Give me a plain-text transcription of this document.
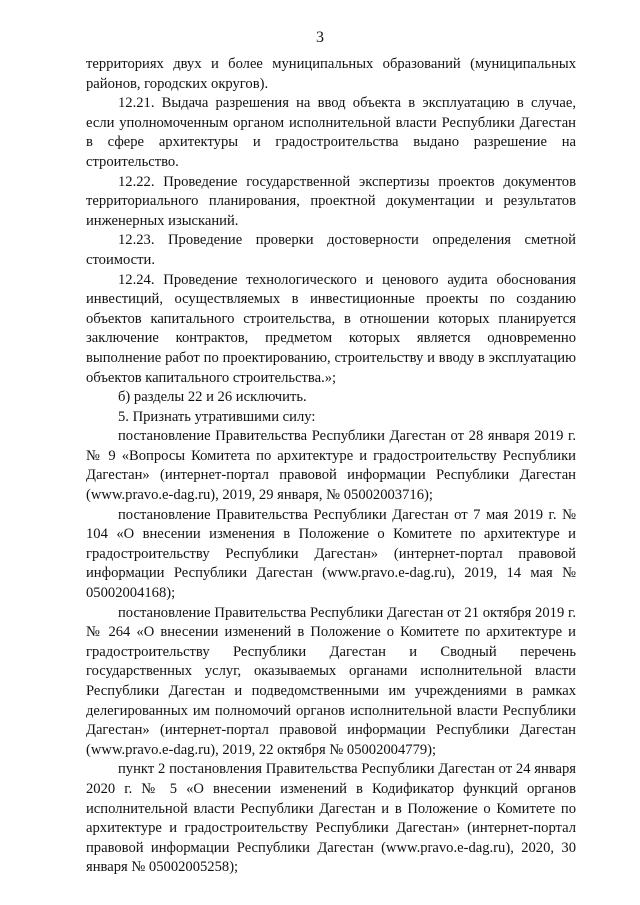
3

территориях двух и более муниципальных образований (муниципальных районов, городских округов).

12.21. Выдача разрешения на ввод объекта в эксплуатацию в случае, если уполномоченным органом исполнительной власти Республики Дагестан в сфере архитектуры и градостроительства выдано разрешение на строительство.

12.22. Проведение государственной экспертизы проектов документов территориального планирования, проектной документации и результатов инженерных изысканий.

12.23. Проведение проверки достоверности определения сметной стоимости.

12.24. Проведение технологического и ценового аудита обоснования инвестиций, осуществляемых в инвестиционные проекты по созданию объектов капитального строительства, в отношении которых планируется заключение контрактов, предметом которых является одновременно выполнение работ по проектированию, строительству и вводу в эксплуатацию объектов капитального строительства.»;

б) разделы 22 и 26 исключить.

5. Признать утратившими силу:

постановление Правительства Республики Дагестан от 28 января 2019 г. № 9 «Вопросы Комитета по архитектуре и градостроительству Республики Дагестан» (интернет-портал правовой информации Республики Дагестан (www.pravo.e-dag.ru), 2019, 29 января, № 05002003716);

постановление Правительства Республики Дагестан от 7 мая 2019 г. № 104 «О внесении изменения в Положение о Комитете по архитектуре и градостроительству Республики Дагестан» (интернет-портал правовой информации Республики Дагестан (www.pravo.e-dag.ru), 2019, 14 мая № 05002004168);

постановление Правительства Республики Дагестан от 21 октября 2019 г. № 264 «О внесении изменений в Положение о Комитете по архитектуре и градостроительству Республики Дагестан и Сводный перечень государственных услуг, оказываемых органами исполнительной власти Республики Дагестан и подведомственными им учреждениями в рамках делегированных им полномочий органов исполнительной власти Республики Дагестан» (интернет-портал правовой информации Республики Дагестан (www.pravo.e-dag.ru), 2019, 22 октября № 05002004779);

пункт 2 постановления Правительства Республики Дагестан от 24 января 2020 г. № 5 «О внесении изменений в Кодификатор функций органов исполнительной власти Республики Дагестан и в Положение о Комитете по архитектуре и градостроительству Республики Дагестан» (интернет-портал правовой информации Республики Дагестан (www.pravo.e-dag.ru), 2020, 30 января № 05002005258);
